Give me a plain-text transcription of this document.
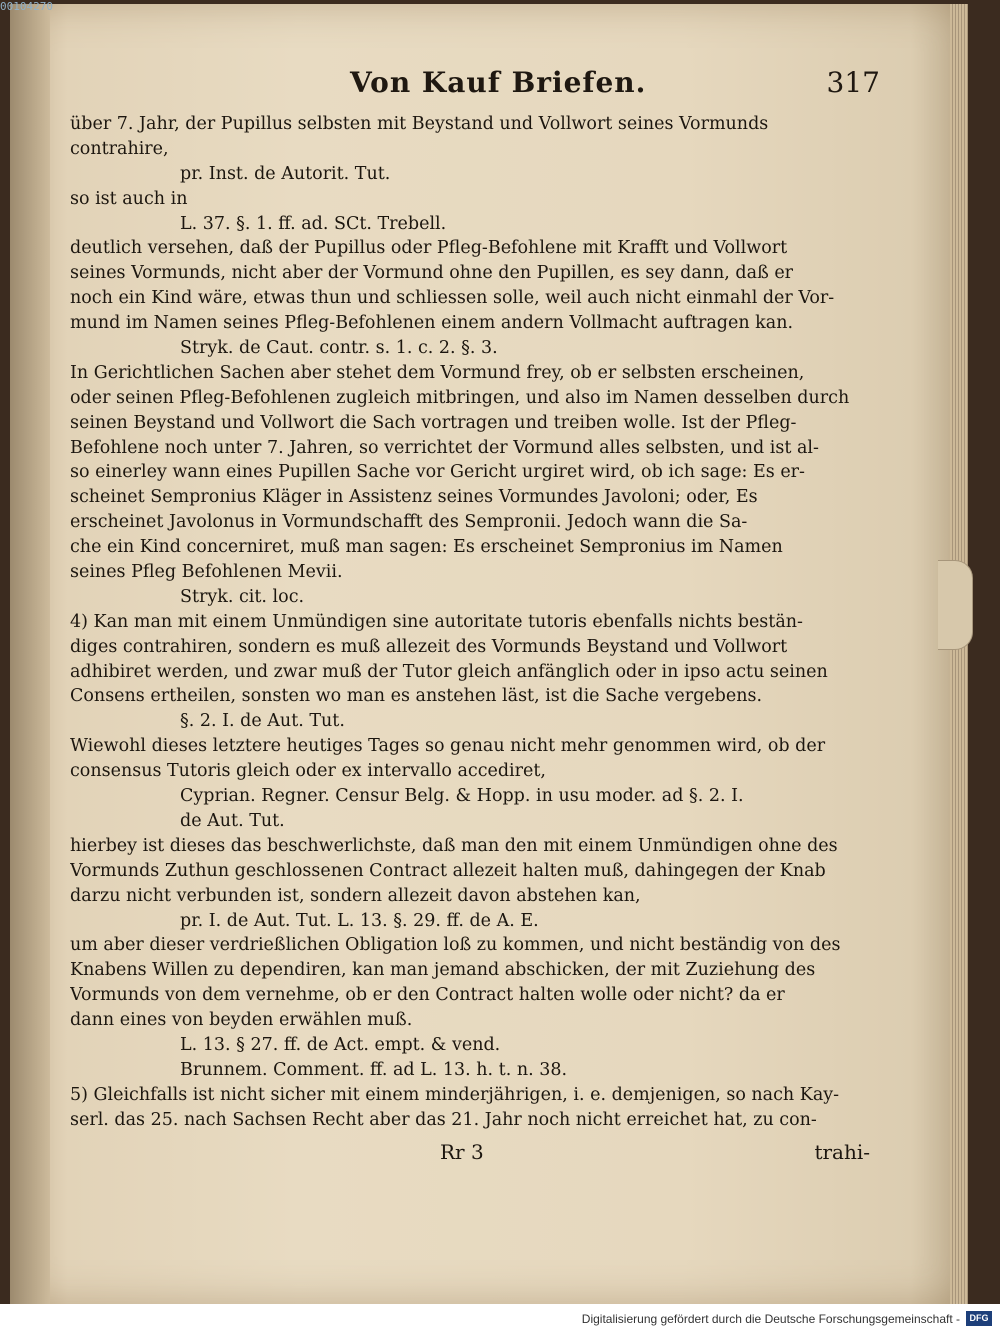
Von Kauf Briefen.	317
über 7. Jahr, der Pupillus selbsten mit Beystand und Vollwort seines Vormunds
contrahire,
pr. Inst. de Autorit. Tut.
so ist auch in
L. 37. §. 1. ff. ad. SCt. Trebell.
deutlich versehen, daß der Pupillus oder Pfleg-Befohlene mit Krafft und Vollwort
seines Vormunds, nicht aber der Vormund ohne den Pupillen, es sey dann, daß er
noch ein Kind wäre, etwas thun und schliessen solle, weil auch nicht einmahl der Vor-
mund im Namen seines Pfleg-Befohlenen einem andern Vollmacht auftragen kan.
Stryk. de Caut. contr. s. 1. c. 2. §. 3.
In Gerichtlichen Sachen aber stehet dem Vormund frey, ob er selbsten erscheinen,
oder seinen Pfleg-Befohlenen zugleich mitbringen, und also im Namen desselben durch
seinen Beystand und Vollwort die Sach vortragen und treiben wolle. Ist der Pfleg-
Befohlene noch unter 7. Jahren, so verrichtet der Vormund alles selbsten, und ist al-
so einerley wann eines Pupillen Sache vor Gericht urgiret wird, ob ich sage: Es er-
scheinet Sempronius Kläger in Assistenz seines Vormundes Javoloni; oder, Es
erscheinet Javolonus in Vormundschafft des Sempronii. Jedoch wann die Sa-
che ein Kind concerniret, muß man sagen: Es erscheinet Sempronius im Namen
seines Pfleg Befohlenen Mevii.
Stryk. cit. loc.
4) Kan man mit einem Unmündigen sine autoritate tutoris ebenfalls nichts bestän-
diges contrahiren, sondern es muß allezeit des Vormunds Beystand und Vollwort
adhibiret werden, und zwar muß der Tutor gleich anfänglich oder in ipso actu seinen
Consens ertheilen, sonsten wo man es anstehen läst, ist die Sache vergebens.
§. 2. I. de Aut. Tut.
Wiewohl dieses letztere heutiges Tages so genau nicht mehr genommen wird, ob der
consensus Tutoris gleich oder ex intervallo accediret,
Cyprian. Regner. Censur Belg. & Hopp. in usu moder. ad §. 2. I.
de Aut. Tut.
hierbey ist dieses das beschwerlichste, daß man den mit einem Unmündigen ohne des
Vormunds Zuthun geschlossenen Contract allezeit halten muß, dahingegen der Knab
darzu nicht verbunden ist, sondern allezeit davon abstehen kan,
pr. I. de Aut. Tut. L. 13. §. 29. ff. de A. E.
um aber dieser verdrießlichen Obligation loß zu kommen, und nicht beständig von des
Knabens Willen zu dependiren, kan man jemand abschicken, der mit Zuziehung des
Vormunds von dem vernehme, ob er den Contract halten wolle oder nicht? da er
dann eines von beyden erwählen muß.
L. 13. § 27. ff. de Act. empt. & vend.
Brunnem. Comment. ff. ad L. 13. h. t. n. 38.
5) Gleichfalls ist nicht sicher mit einem minderjährigen, i. e. demjenigen, so nach Kay-
serl. das 25. nach Sachsen Recht aber das 21. Jahr noch nicht erreichet hat, zu con-
Rr 3	trahi-
00104270
Digitalisierung gefördert durch die Deutsche Forschungsgemeinschaft -	DFG
